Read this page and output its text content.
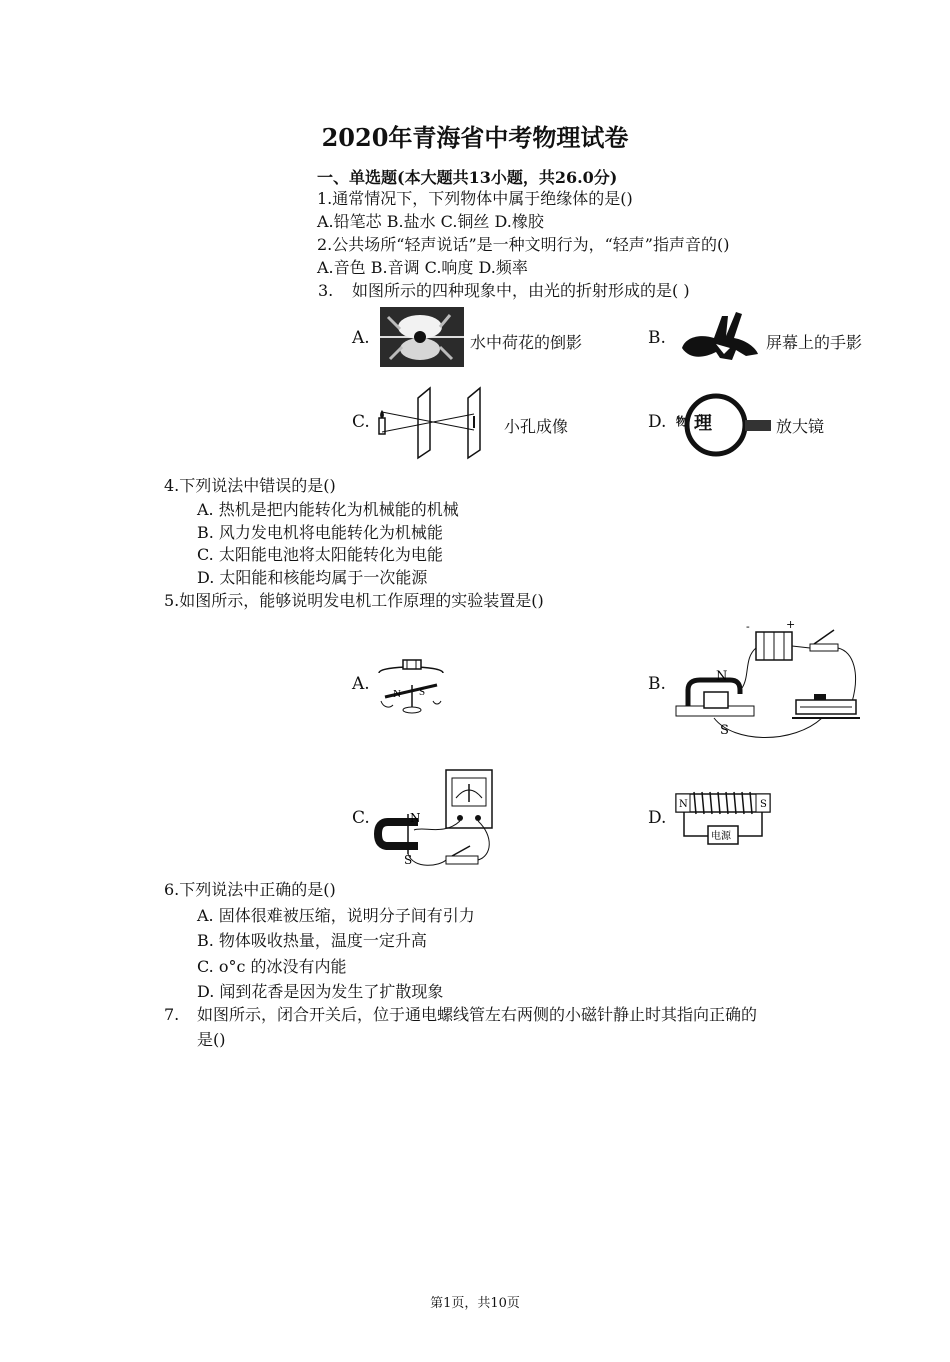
2020年青海省中考物理试卷
一、单选题(本大题共13小题，共26.0分)
1.通常情况下，下列物体中属于绝缘体的是()
A.铅笔芯 B.盐水 C.铜丝 D.橡胶
2.公共场所“轻声说话”是一种文明行为，“轻声”指声音的()
A.音色 B.音调 C.响度 D.频率
3. 如图所示的四种现象中，由光的折射形成的是( )
A.	水中荷花的倒影	B.	屏幕上的手影
C.	小孔成像	D. 物 理	放大镜
4.下列说法中错误的是()
A. 热机是把内能转化为机械能的机械
B. 风力发电机将电能转化为机械能
C. 太阳能电池将太阳能转化为电能
D. 太阳能和核能均属于一次能源
5.如图所示，能够说明发电机工作原理的实验装置是()
A. N S	B.
-	+
N
S
C.	N
S
D.
N	S
电源
6.下列说法中正确的是()
A. 固体很难被压缩，说明分子间有引力
B. 物体吸收热量，温度一定升高
C. o°c 的冰没有内能
D. 闻到花香是因为发生了扩散现象
7. 如图所示，闭合开关后，位于通电螺线管左右两侧的小磁针静止时其指向正确的
是()
第1页，共10页
